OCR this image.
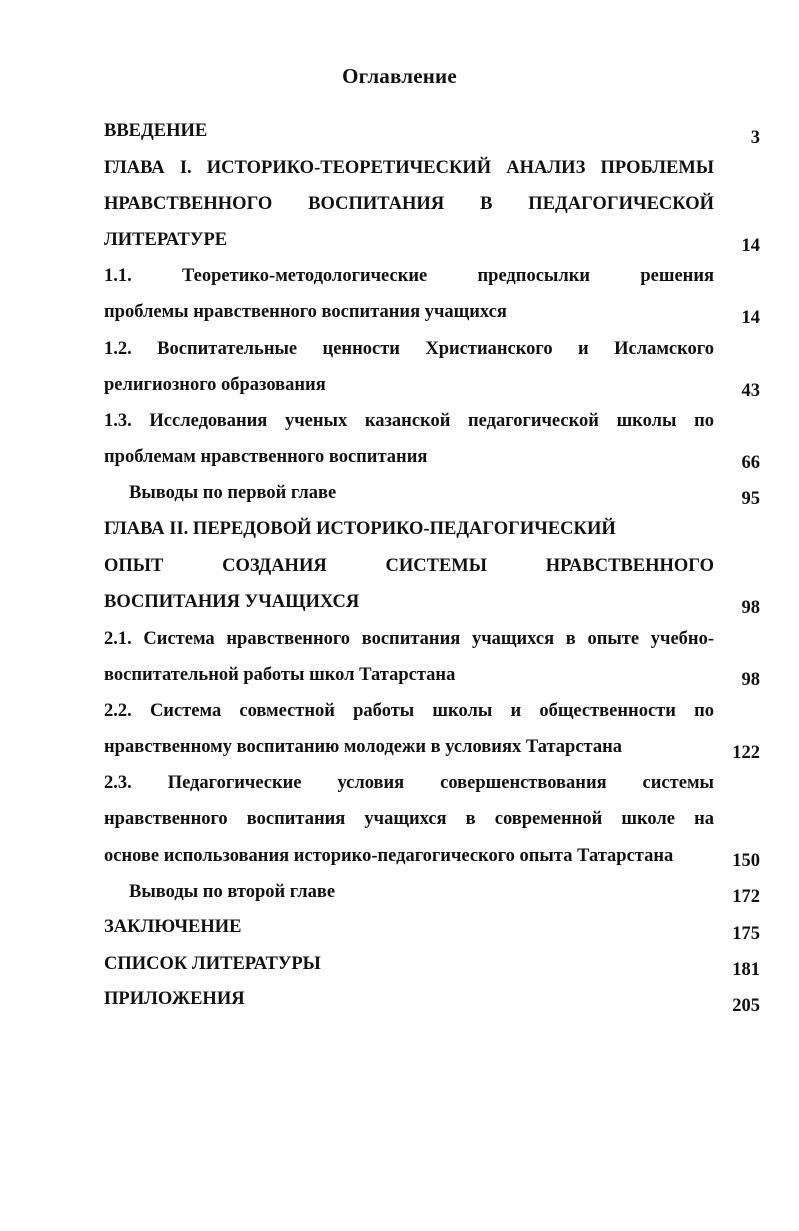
Оглавление
ВВЕДЕНИЕ
ГЛАВА I. ИСТОРИКО-ТЕОРЕТИЧЕСКИЙ АНАЛИЗ ПРОБЛЕМЫ
НРАВСТВЕННОГО ВОСПИТАНИЯ В ПЕДАГОГИЧЕСКОЙ
ЛИТЕРАТУРЕ
1.1. Теоретико-методологические предпосылки решения
проблемы нравственного воспитания учащихся
1.2. Воспитательные ценности Христианского и Исламского
религиозного образования
1.3. Исследования ученых казанской педагогической школы по
проблемам нравственного воспитания
Выводы по первой главе
ГЛАВА II. ПЕРЕДОВОЙ ИСТОРИКО-ПЕДАГОГИЧЕСКИЙ
ОПЫТ СОЗДАНИЯ СИСТЕМЫ НРАВСТВЕННОГО
ВОСПИТАНИЯ УЧАЩИХСЯ
2.1. Система нравственного воспитания учащихся в опыте учебно-
воспитательной работы школ Татарстана
2.2. Система совместной работы школы и общественности по
нравственному воспитанию молодежи в условиях Татарстана
2.3. Педагогические условия совершенствования системы
нравственного воспитания учащихся в современной школе на
основе использования историко-педагогического опыта Татарстана
Выводы по второй главе
ЗАКЛЮЧЕНИЕ
СПИСОК ЛИТЕРАТУРЫ
ПРИЛОЖЕНИЯ
3
14
14
43
66
95
98
98
122
150
172
175
181
205
